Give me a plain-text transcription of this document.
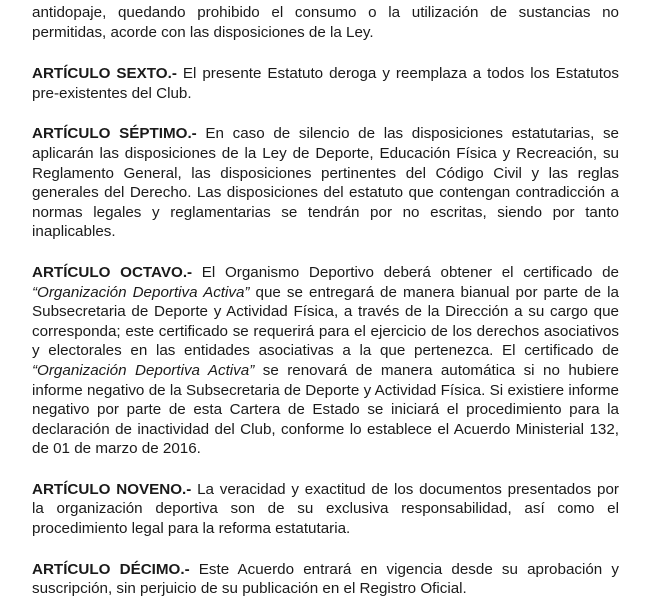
antidopaje, quedando prohibido el consumo o la utilización de sustancias no permitidas, acorde con las disposiciones de la Ley.

ARTÍCULO SEXTO.- El presente Estatuto deroga y reemplaza a todos los Estatutos pre-existentes del Club.

ARTÍCULO SÉPTIMO.- En caso de silencio de las disposiciones estatutarias, se aplicarán las disposiciones de la Ley de Deporte, Educación Física y Recreación, su Reglamento General, las disposiciones pertinentes del Código Civil y las reglas generales del Derecho. Las disposiciones del estatuto que contengan contradicción a normas legales y reglamentarias se tendrán por no escritas, siendo por tanto inaplicables.

ARTÍCULO OCTAVO.- El Organismo Deportivo deberá obtener el certificado de “Organización Deportiva Activa” que se entregará de manera bianual por parte de la Subsecretaria de Deporte y Actividad Física, a través de la Dirección a su cargo que corresponda; este certificado se requerirá para el ejercicio de los derechos asociativos y electorales en las entidades asociativas a la que pertenezca. El certificado de “Organización Deportiva Activa” se renovará de manera automática si no hubiere informe negativo de la Subsecretaria de Deporte y Actividad Física. Si existiere informe negativo por parte de esta Cartera de Estado se iniciará el procedimiento para la declaración de inactividad del Club, conforme lo establece el Acuerdo Ministerial 132, de 01 de marzo de 2016.

ARTÍCULO NOVENO.- La veracidad y exactitud de los documentos presentados por la organización deportiva son de su exclusiva responsabilidad, así como el procedimiento legal para la reforma estatutaria.

ARTÍCULO DÉCIMO.- Este Acuerdo entrará en vigencia desde su aprobación y suscripción, sin perjuicio de su publicación en el Registro Oficial.
